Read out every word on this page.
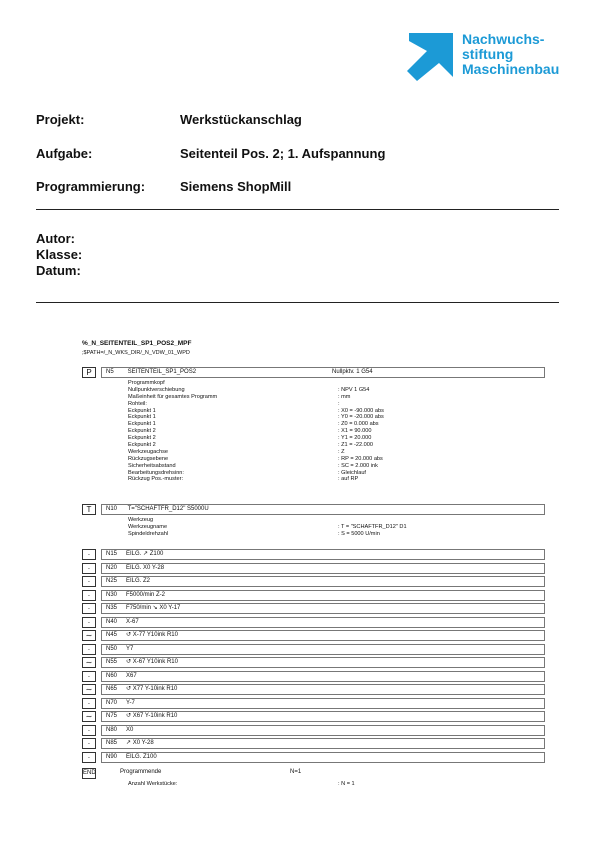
Nachwuchs-
stiftung
Maschinenbau
Projekt:	Werkstückanschlag
Aufgabe:	Seitenteil Pos. 2; 1. Aufspannung
Programmierung:	Siemens ShopMill
Autor:
Klasse:
Datum:
%_N_SEITENTEIL_SP1_POS2_MPF
;$PATH=/_N_WKS_DIR/_N_VDW_01_WPD
P	N5 SEITENTEIL_SP1_POS2	Nullpktv. 1 G54
Programmkopf
Nullpunktverschiebung	: NPV 1 G54
Maßeinheit für gesamtes Programm	: mm
Rohteil:	:
Eckpunkt 1	: X0 = -90.000 abs
Eckpunkt 1	: Y0 = -20.000 abs
Eckpunkt 1	: Z0 = 0.000 abs
Eckpunkt 2	: X1 = 90.000
Eckpunkt 2	: Y1 = 20.000
Eckpunkt 2	: Z1 = -22.000
Werkzeugachse	: Z
Rückzugsebene	: RP = 20.000 abs
Sicherheitsabstand	: SC = 2.000 ink
Bearbeitungsdrehsinn:	: Gleichlauf
Rückzug Pos.-muster:	: auf RP
T	N10 T="SCHAFTFR_D12" S5000U
Werkzeug
Werkzeugname	: T = "SCHAFTFR_D12" D1
Spindeldrehzahl	: S = 5000 U/min
·	N15 EILG. ↗ Z100
·	N20 EILG. X0 Y-28
·	N25 EILG. Z2
·	N30 F5000/min Z-2
·	N35 F750/min ↘ X0 Y-17
·	N40 X-67
∼	N45 ↺ X-77 Y10ink R10
·	N50 Y7
∼	N55 ↺ X-67 Y10ink R10
·	N60 X67
∼	N65 ↺ X77 Y-10ink R10
·	N70 Y-7
∼	N75 ↺ X67 Y-10ink R10
·	N80 X0
·	N85 ↗ X0 Y-28
·	N90 EILG. Z100
END	Programmende	N=1
Anzahl Werkstücke:	: N = 1
